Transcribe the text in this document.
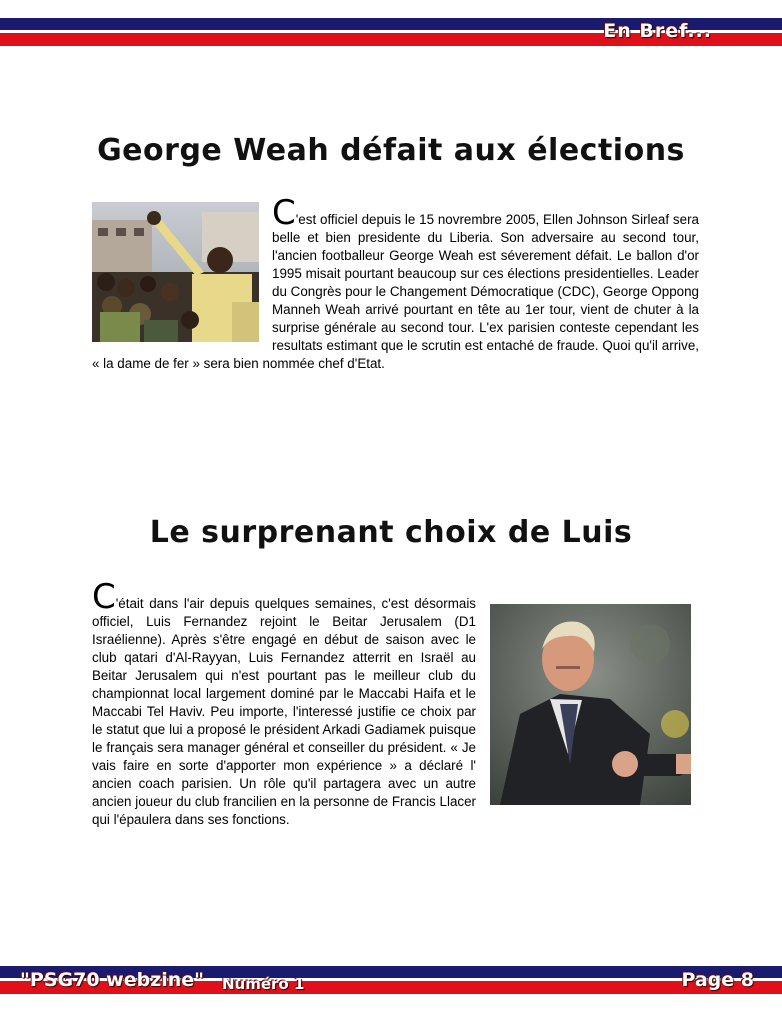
En Bref...
George Weah défait aux élections
C'est officiel depuis le 15 novrembre 2005, Ellen Johnson Sirleaf sera belle et bien presidente du Liberia. Son adversaire au second tour, l'ancien footballeur George Weah est séverement défait. Le ballon d'or 1995 misait pourtant beaucoup sur ces élections presidentielles. Leader du Congrès pour le Changement Démocratique (CDC), George Oppong Manneh Weah arrivé pourtant en tête au 1er tour, vient de chuter à la surprise générale au second tour. L'ex parisien conteste cependant les resultats estimant que le scrutin est entaché de fraude. Quoi qu'il arrive, « la dame de fer » sera bien nommée chef d'Etat.
Le surprenant choix de Luis
C'était dans l'air depuis quelques semaines, c'est désormais officiel, Luis Fernandez rejoint le Beitar Jerusalem (D1 Israélienne). Après s'être engagé en début de saison avec le club qatari d'Al-Rayyan, Luis Fernandez atterrit en Israël au Beitar Jerusalem qui n'est pourtant pas le meilleur club du championnat local largement dominé par le Maccabi Haifa et le Maccabi Tel Haviv. Peu importe, l'interessé justifie ce choix par le statut que lui a proposé le président Arkadi Gadiamek puisque le français sera manager général et conseiller du président. « Je vais faire en sorte d'apporter mon expérience » a déclaré l' ancien coach parisien. Un rôle qu'il partagera avec un autre ancien joueur du club francilien en la personne de Francis Llacer qui l'épaulera dans ses fonctions.
"PSG70 webzine" Numéro 1	Page 8
